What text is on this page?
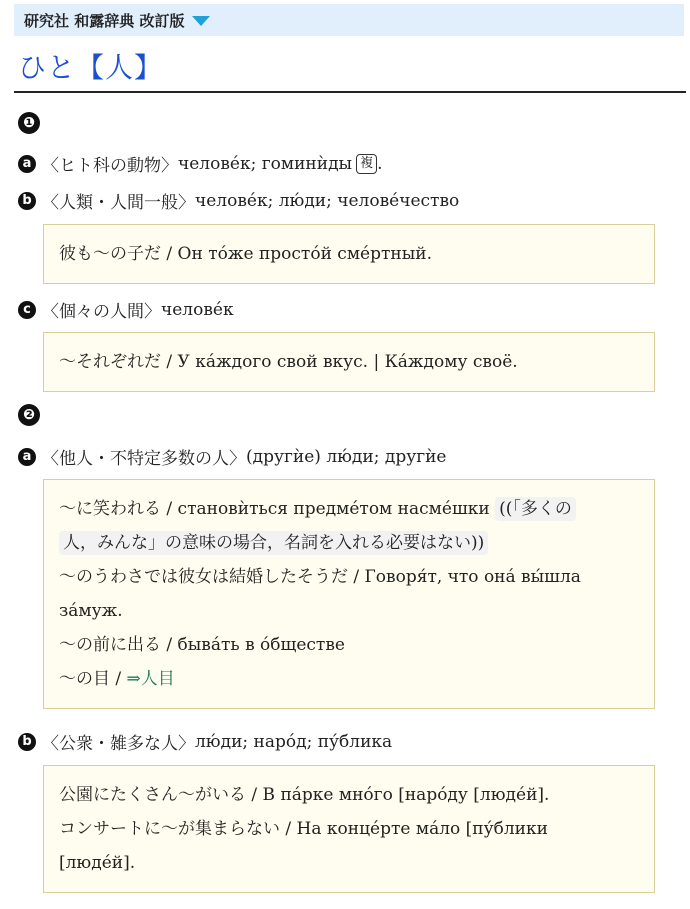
研究社 和露辞典 改訂版
ひと【人】
❶
a 〈ヒト科の動物〉 человéк; гоминѝды 複 .
b 〈人類・人間一般〉 человéк; лю́ди; человéчество
彼も〜の子だ / Он тóже простóй смéртный.
c 〈個々の人間〉 человéк
〜それぞれだ / У кáждого свой вкус. | Кáждому своё.
❷
a 〈他人・不特定多数の人〉 (другѝе) лю́ди; другѝе
〜に笑われる / становѝться предмéтом насмéшки ((「多くの
人，みんな」の意味の場合，名詞を入れる必要はない))
〜のうわさでは彼女は結婚したそうだ / Говоря́т, что онá вы́шла
зáмуж.
〜の前に出る / бывáть в óбществе
〜の目 / ⇒人目
b 〈公衆・雑多な人〉 лю́ди; нарóд; пу́блика
公園にたくさん〜がいる / В пáрке мнóго [нарóду [людéй].
コンサートに〜が集まらない / На концéрте мáло [пу́блики
[людéй].
